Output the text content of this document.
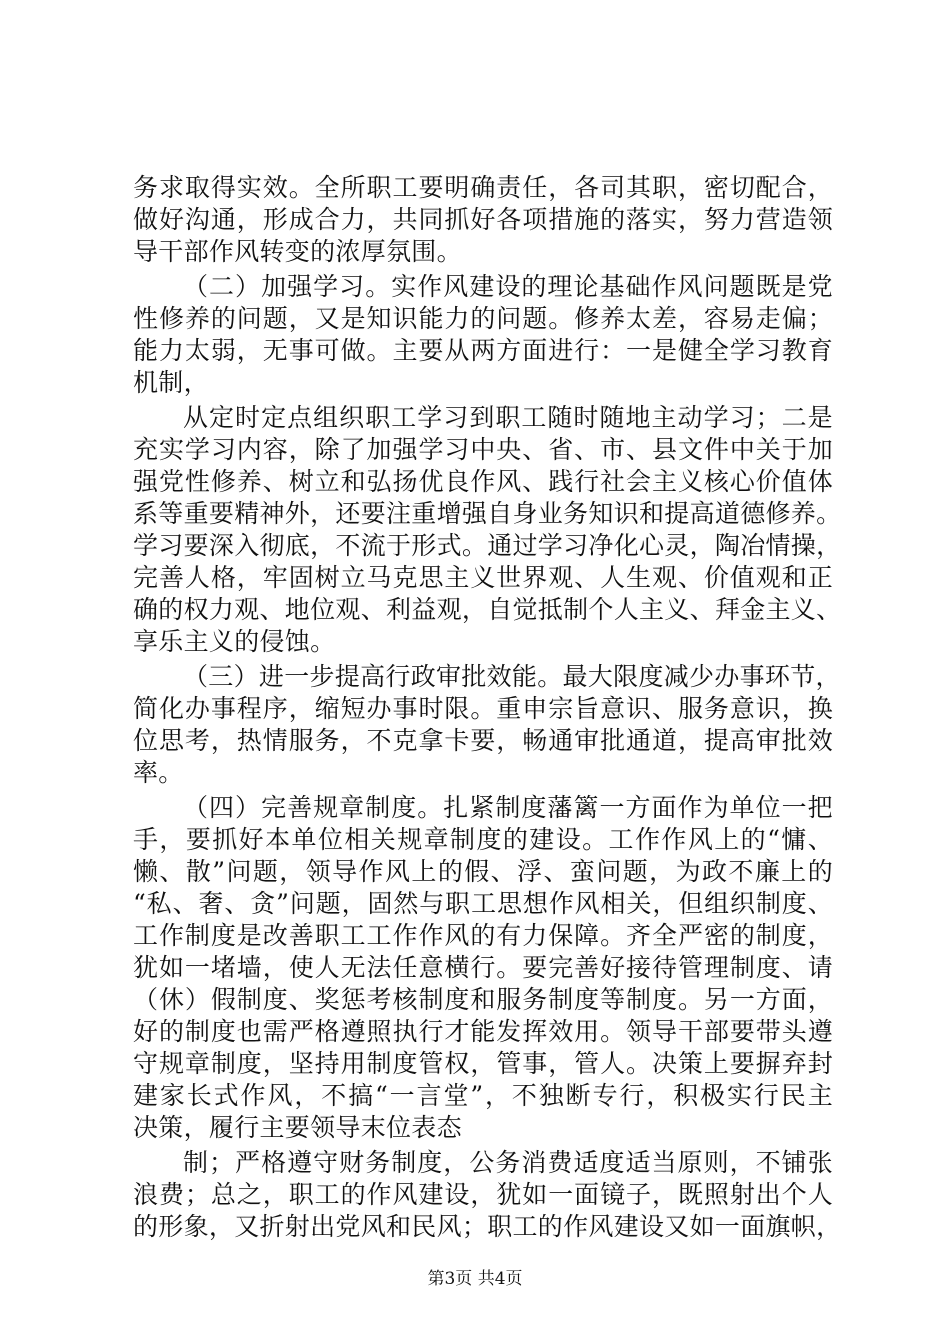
务求取得实效。全所职工要明确责任，各司其职，密切配合，
做好沟通，形成合力，共同抓好各项措施的落实，努力营造领
导干部作风转变的浓厚氛围。
（二）加强学习。实作风建设的理论基础作风问题既是党
性修养的问题，又是知识能力的问题。修养太差，容易走偏；
能力太弱，无事可做。主要从两方面进行：一是健全学习教育
机制，
从定时定点组织职工学习到职工随时随地主动学习；二是
充实学习内容，除了加强学习中央、省、市、县文件中关于加
强党性修养、树立和弘扬优良作风、践行社会主义核心价值体
系等重要精神外，还要注重增强自身业务知识和提高道德修养。
学习要深入彻底，不流于形式。通过学习净化心灵，陶冶情操，
完善人格，牢固树立马克思主义世界观、人生观、价值观和正
确的权力观、地位观、利益观，自觉抵制个人主义、拜金主义、
享乐主义的侵蚀。
（三）进一步提高行政审批效能。最大限度减少办事环节，
简化办事程序，缩短办事时限。重申宗旨意识、服务意识，换
位思考，热情服务，不克拿卡要，畅通审批通道，提高审批效
率。
（四）完善规章制度。扎紧制度藩篱一方面作为单位一把
手，要抓好本单位相关规章制度的建设。工作作风上的“慵、
懒、散”问题，领导作风上的假、浮、蛮问题，为政不廉上的
“私、奢、贪”问题，固然与职工思想作风相关，但组织制度、
工作制度是改善职工工作作风的有力保障。齐全严密的制度，
犹如一堵墙，使人无法任意横行。要完善好接待管理制度、请
（休）假制度、奖惩考核制度和服务制度等制度。另一方面，
好的制度也需严格遵照执行才能发挥效用。领导干部要带头遵
守规章制度，坚持用制度管权，管事，管人。决策上要摒弃封
建家长式作风，不搞“一言堂”，不独断专行，积极实行民主
决策，履行主要领导末位表态
制；严格遵守财务制度，公务消费适度适当原则，不铺张
浪费；总之，职工的作风建设，犹如一面镜子，既照射出个人
的形象，又折射出党风和民风；职工的作风建设又如一面旗帜，
第3页 共4页
